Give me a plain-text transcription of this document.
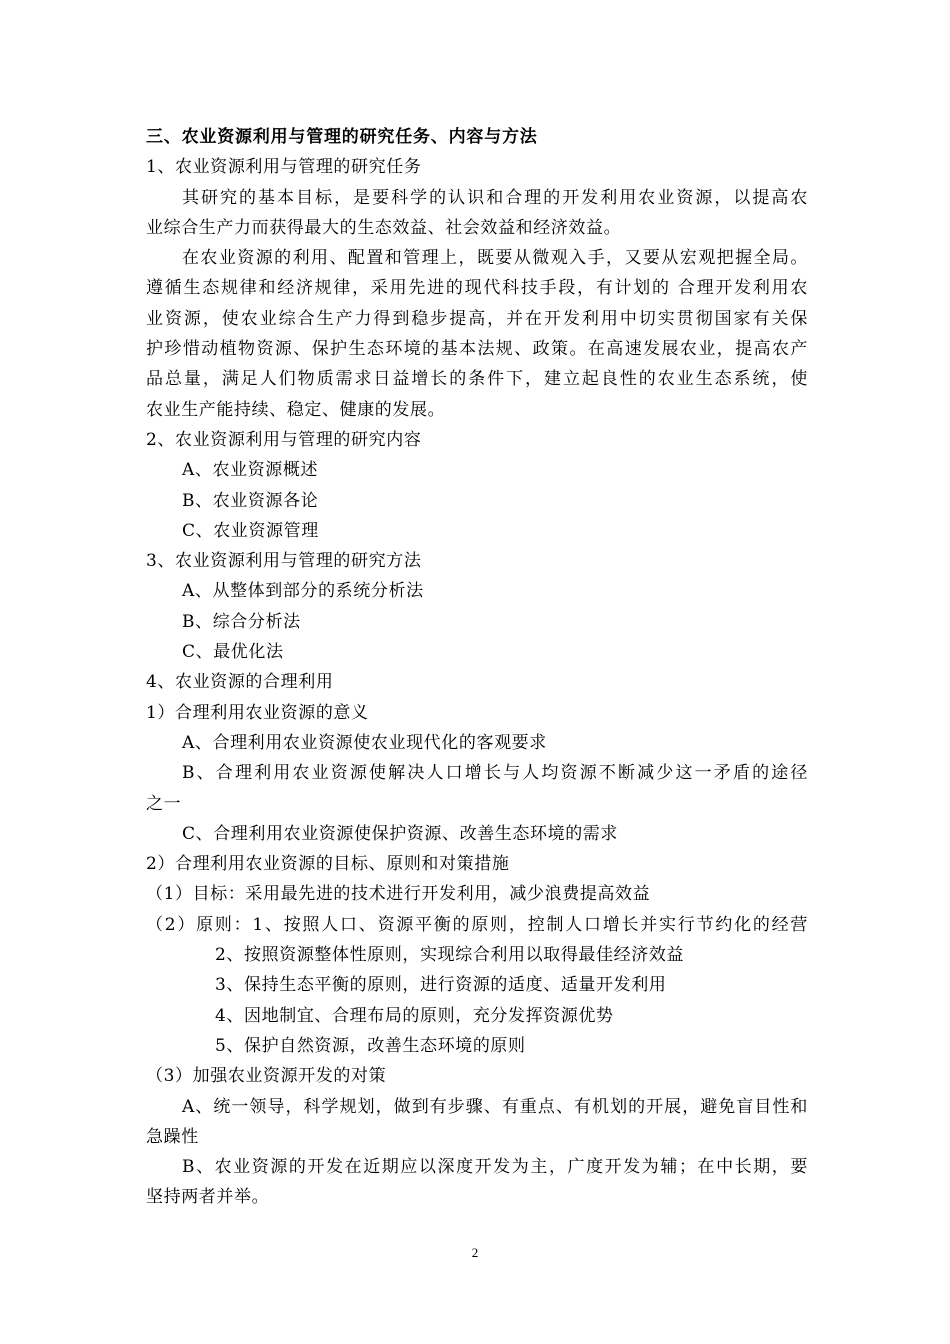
三、农业资源利用与管理的研究任务、内容与方法
1、农业资源利用与管理的研究任务
其研究的基本目标，是要科学的认识和合理的开发利用农业资源，以提高农
业综合生产力而获得最大的生态效益、社会效益和经济效益。
在农业资源的利用、配置和管理上，既要从微观入手，又要从宏观把握全局。
遵循生态规律和经济规律，采用先进的现代科技手段，有计划的 合理开发利用农
业资源，使农业综合生产力得到稳步提高，并在开发利用中切实贯彻国家有关保
护珍惜动植物资源、保护生态环境的基本法规、政策。在高速发展农业，提高农产
品总量，满足人们物质需求日益增长的条件下，建立起良性的农业生态系统，使
农业生产能持续、稳定、健康的发展。
2、农业资源利用与管理的研究内容
A、农业资源概述
B、农业资源各论
C、农业资源管理
3、农业资源利用与管理的研究方法
A、从整体到部分的系统分析法
B、综合分析法
C、最优化法
4、农业资源的合理利用
1）合理利用农业资源的意义
A、合理利用农业资源使农业现代化的客观要求
B、合理利用农业资源使解决人口增长与人均资源不断减少这一矛盾的途径
之一
C、合理利用农业资源使保护资源、改善生态环境的需求
2）合理利用农业资源的目标、原则和对策措施
（1）目标：采用最先进的技术进行开发利用，减少浪费提高效益
（2）原则：1、按照人口、资源平衡的原则，控制人口增长并实行节约化的经营
2、按照资源整体性原则，实现综合利用以取得最佳经济效益
3、保持生态平衡的原则，进行资源的适度、适量开发利用
4、因地制宜、合理布局的原则，充分发挥资源优势
5、保护自然资源，改善生态环境的原则
（3）加强农业资源开发的对策
A、统一领导，科学规划，做到有步骤、有重点、有机划的开展，避免盲目性和
急躁性
B、农业资源的开发在近期应以深度开发为主，广度开发为辅；在中长期，要
坚持两者并举。
2
